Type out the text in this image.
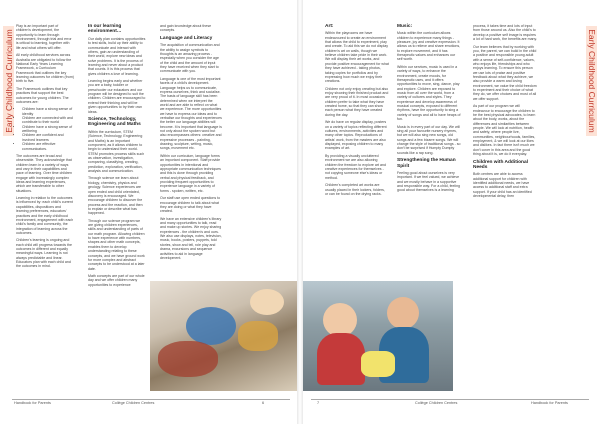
Early Childhood Curriculum

Play is an important part of children's development, the opportunity to learn through environment, through trial and error is critical to learning, together with life and what others will offer.

All early childhood services across Australia are obligated to follow the National Early Years Learning Framework, a Curriculum Framework that outlines the key learning outcomes for children (from) birth to five.

The Framework outlines that key practices that support the best outcomes for young children. The outcomes are:

• Children have a strong sense of identity
• Children are connected with and contribute to their world
• Children have a strong sense of wellbeing
• Children are confident and involved learners
• Children are effective communicators.

The outcomes are broad and observable. They acknowledge that children learn in a variety of ways and vary in their capabilities and pace of learning. Over time children engage with increasingly complex ideas and learning experiences, which are transferable to other situations.

Learning in relation to the outcomes is influenced by: each child's current capabilities, dispositions and learning preferences, educators' practices and the early childhood environment, engagement with each child's family and community, the integration of learning across the outcomes.

Children's learning is ongoing and each child will progress towards the outcomes in different and equally meaningful ways. Learning is not always predictable and linear. Educators plan with each child and the outcomes in mind.

In our learning environment…

Our daily plan contains opportunities to test skills, build up their ability to communicate and interact with others, gain an understanding of their world, explore new ideas and solve problems. It is the process of learning and never about a product that counts. It is this process that gives children a love of learning.

Learning begins early and whether you are a baby, toddler or preschooler our educators and our program will be designed to suit the children. Children are encouraged to extend their thinking and will be given opportunities to try their own ideas.

Science, Technology, Engineering and Maths

Within the curriculum, STEM (Science, Technology, Engineering and Maths) is an important component, as it allows children to begin to understand their world. STEM promotes process skills such as observation, investigation, comparing, classifying, creating, prediction, exploration, verification, analysis and communication.

Through science we learn about biology, chemistry, physics and geology. Science experiences are open ended and child orientated, discovery is encouraged. We encourage children to discover the process and the reaction, and then to explain or describe what has happened.

Through our science program we are giving children experiences, skills and understanding of parts of our math program. Allowing children to have experience with numbers, shapes and other math concepts, enables them to develop understanding relating to these concepts, and we have ground work for more complex and abstract concepts to be understood at a later date.

Math concepts are part of our whole day and we offer children many opportunities to experience

and gain knowledge about these concepts.

Language and Literacy

The acquisition of communication and the ability to assign symbols to thoughts is an amazing process - especially when you consider the age of the child and the amount of input they have received when they start to communicate with you.

Language is one of the most important facets of a child's development. Language helps us to communicate, express ourselves, think and socialise. The basis of language skill has been determined when we interpret the world and are able to reflect on what we experience. The more opportunities we have to express our ideas and to verbalise our thoughts and experiences the better our language abilities will become. It is important that language is not only about the spoken word but also encompasses others: creative and expressive processes - painting, drawing, sculpture, writing, music, songs, movement etc.

Within our curriculum, language forms an important component. Staff provide opportunities in intentional and appropriate communication techniques and this is done through providing verbal and physical feedback, and providing frequent opportunities to experience language in a variety of forms - spoken, written, etc.

Our staff use open ended questions to encourage children to talk about what they are doing or what they have created.

We have an extensive children's library and many opportunities to talk, read and make up stories. We enjoy sharing experiences - the children's and ours. We also use displays, notes, television, music, books, posters, puppets, told stories, show and tell, role play and drama, excursions and sequence activities to aid in language development.

Handbook for Parents	Collège Children Centres	6
Art:

Within the playrooms we have endeavoured to create an environment that allows the child to experiment, play and create. To aid this we do not display children's art on walls, though we believe children take pride in their work. We will display their art works, and provide positive encouragement for what they have achieved - taking photos, taking copies for portfolios and by expressing how much we enjoy their creations.

Children not only enjoy creating but also enjoy showing their finished product and are very proud of it. In most occasions children prefer to take what they have created home, so that they can show each person what they have created during the day.

We do have on regular display, posters on a variety of topics reflecting different cultures, environments, activities and many other topics. Reproductions of artists' work, from the masters are also displayed, exposing children to many examples of art.

By providing a visually uncluttered environment we are also allowing children the freedom to explore art and creative experiences for themselves - not copying someone else's ideas or method.

Children's completed art works are usually placed in their lockers, folders, or can be found on the drying racks.

Music:

Music within the curriculum allows children to experience many things - pleasure, joy and creative expression. It allows us to relieve and share emotions, to explore movement, and it has therapeutic values and enhances our self worth.

Within our services, music is used in a variety of ways, to enhance the environment, create moods, for therapeutic uses, and it offers opportunities to move, sing, dance, play and explore. Children are exposed to music from all over the world, from a variety of cultures and styles. They experience and develop awareness of musical concepts, exposed to different rhythms, have the opportunity to sing a variety of songs and all to have heaps of fun.

Music is in every part of our day. We will sing all your favourite nursery rhymes, but we will also sing new songs, old songs and a few bizarre songs. We will change the style of traditional songs - so don't be surprised if Humpty Dumpty sounds like a rap song.

Strengthening the Human Spirit

Feeling good about ourselves is very important. If we feel valued, we achieve and we mostly behave in a supportive and responsible way. For a child, feeling good about themselves is a learning

process, it takes time and lots of input from those around us. Also the child's to develop a positive self image is requires a lot of hard work, the benefits are many.

Our team believes that by working with you, the parent, we can build in the child a positive and responsible young adult with a sense of self-confidence, values, who enjoys life, friendships and who enjoys learning. To ensure this person we use lots of praise and positive feedback about what they achieve, we also provide a warm and loving environment, we value the child freedom to experiment and their choice of what they do, we offer choices and most of all we offer support.

As part of our program we will endeavour to encourage the children to be the best physical advocates, to learn about the body, works, about the differences and similarities between people. We will look at nutrition, health and safety, where people live, communities, neighbourhoods, families, employment, & we will look at our likes and dislikes. In fact there isn't much we don't cover in this area and the good thing about it is, we do it everyday.

Children with Additional Needs

Both centres are able to access additional support for children with identified additional needs, we have access to additional staff and extra support. If your child has an identified developmental delay, then

Early Childhood Curriculum
7	Collège Children Centres	Handbook for Parents
